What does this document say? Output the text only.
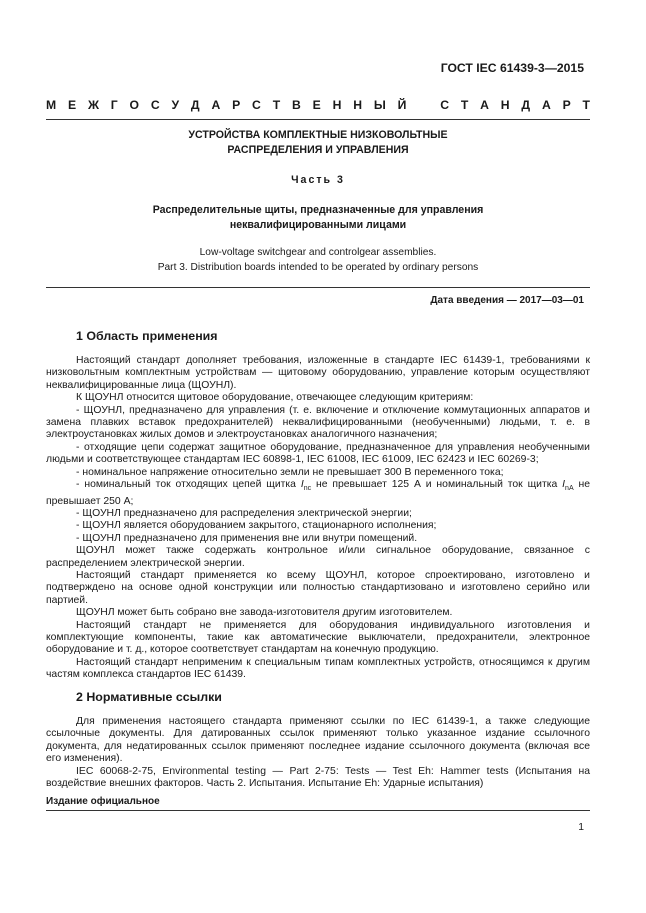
ГОСТ IEC 61439-3—2015
М Е Ж Г О С У Д А Р С Т В Е Н Н Ы Й
	С Т А Н Д А Р Т
УСТРОЙСТВА КОМПЛЕКТНЫЕ НИЗКОВОЛЬТНЫЕ
РАСПРЕДЕЛЕНИЯ И УПРАВЛЕНИЯ
Часть 3
Распределительные щиты, предназначенные для управления
неквалифицированными лицами
Low-voltage switchgear and controlgear assemblies.
Part 3. Distribution boards intended to be operated by ordinary persons
Дата введения — 2017—03—01
1 Область применения

Настоящий стандарт дополняет требования, изложенные в стандарте IEC 61439-1, требованиями к низковольтным комплектным устройствам — щитовому оборудованию, управление которым осуществляют неквалифицированные лица (ЩОУНЛ).

К ЩОУНЛ относится щитовое оборудование, отвечающее следующим критериям:

- ЩОУНЛ, предназначено для управления (т. е. включение и отключение коммутационных аппаратов и замена плавких вставок предохранителей) неквалифицированными (необученными) людьми, т. е. в электроустановках жилых домов и электроустановках аналогичного назначения;

- отходящие цепи содержат защитное оборудование, предназначенное для управления необученными людьми и соответствующее стандартам IEC 60898-1, IEC 61008, IEC 61009, IEC 62423 и IEC 60269-3;

- номинальное напряжение относительно земли не превышает 300 В переменного тока;

- номинальный ток отходящих цепей щитка $I_{nc}$ не превышает 125 А и номинальный ток щитка $I_{nA}$ не превышает 250 А;

- ЩОУНЛ предназначено для распределения электрической энергии;

- ЩОУНЛ является оборудованием закрытого, стационарного исполнения;

- ЩОУНЛ предназначено для применения вне или внутри помещений.

ЩОУНЛ может также содержать контрольное и/или сигнальное оборудование, связанное с распределением электрической энергии.

Настоящий стандарт применяется ко всему ЩОУНЛ, которое спроектировано, изготовлено и подтверждено на основе одной конструкции или полностью стандартизовано и изготовлено серийно или партией.

ЩОУНЛ может быть собрано вне завода-изготовителя другим изготовителем.

Настоящий стандарт не применяется для оборудования индивидуального изготовления и комплектующие компоненты, такие как автоматические выключатели, предохранители, электронное оборудование и т. д., которое соответствует стандартам на конечную продукцию.

Настоящий стандарт неприменим к специальным типам комплектных устройств, относящимся к другим частям комплекса стандартов IEC 61439.

2 Нормативные ссылки

Для применения настоящего стандарта применяют ссылки по IEC 61439-1, а также следующие ссылочные документы. Для датированных ссылок применяют только указанное издание ссылочного документа, для недатированных ссылок применяют последнее издание ссылочного документа (включая все его изменения).

IEC 60068-2-75, Environmental testing — Part 2-75: Tests — Test Eh: Hammer tests (Испытания на воздействие внешних факторов. Часть 2. Испытания. Испытание Eh: Ударные испытания)

Издание официальное
1
